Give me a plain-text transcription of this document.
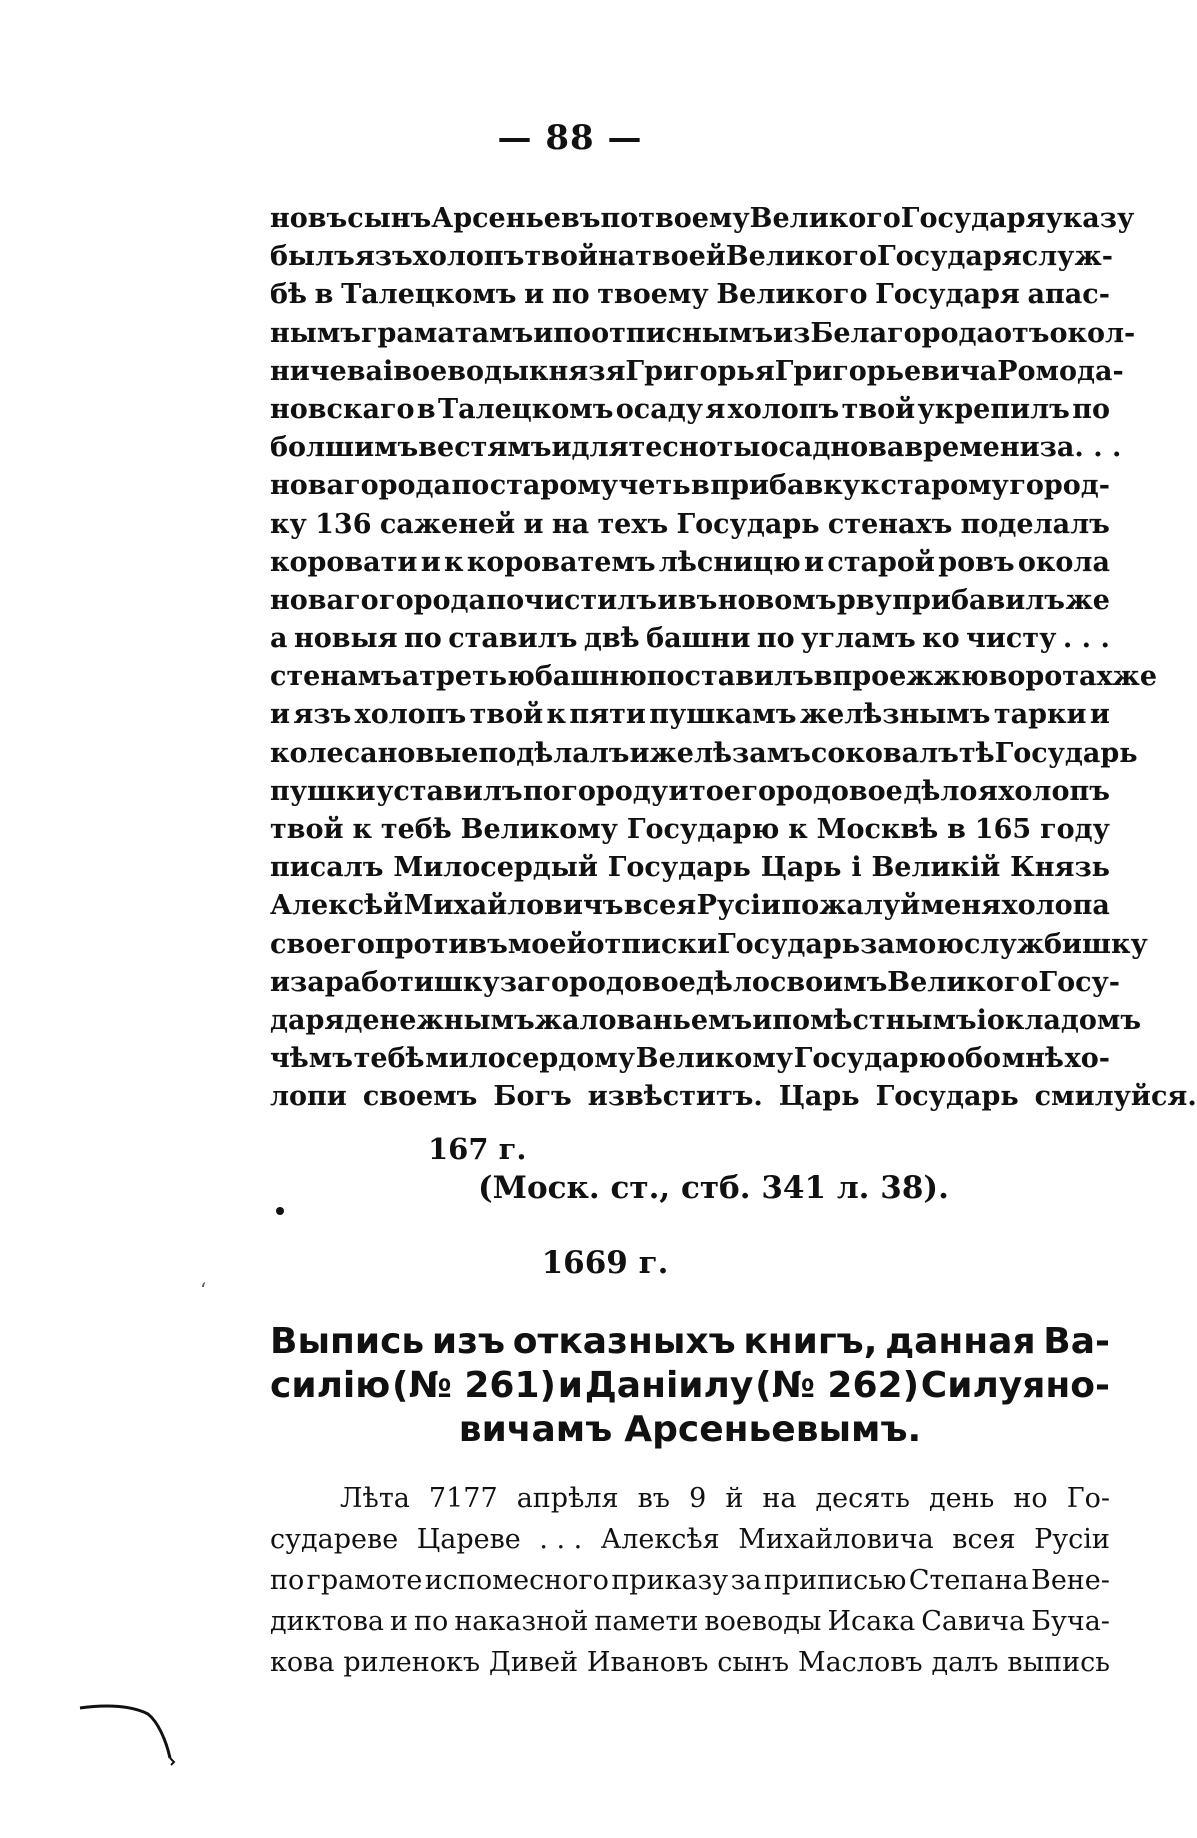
— 88 —
новъ сынъ Арсеньевъ по твоему Великого Государя указу
былъ язъ холопъ твой на твоей Великого Государя служ-
бѣ в Талецкомъ и по твоему Великого Государя апас-
нымъ граматамъ и по отписнымъ из Белагорода отъ окол-
ничева і воеводы князя Григорья Григорьевича Ромода-
новскаго в Талецкомъ осаду я холопъ твой укрепилъ по
болшимъ вестямъ и для тесноты осаднова времени за . . .
новагорода по старому четь в прибавку к старому город-
ку 136 саженей и на техъ Государь стенахъ поделалъ
коровати и к короватемъ лѣсницю и старой ровъ окола
новаго города почистилъ и въ новомъ рву прибавилъ же
а новыя по ставилъ двѣ башни по угламъ ко чисту . . .
стенамъ а третью башню поставилъ в проежжю воротахже
и язъ холопъ твой к пяти пушкамъ желѣзнымъ тарки и
колеса новые подѣлалъ и желѣзамъ соковалъ тѣ Государь
пушки уставилъ по городу и тое городовое дѣло я холопъ
твой к тебѣ Великому Государю к Москвѣ в 165 году
писалъ Милосердый Государь Царь і Великій Князь
Алексѣй Михайловичъ всея Русіи пожалуй меня холопа
своего противъ моей отписки Государь за мою службишку
и за работишку за городовое дѣло своимъ Великого Госу-
даря денежнымъ жалованьемъ и помѣстнымъ і окладомъ
чѣмъ тебѣ милосердому Великому Государю обо мнѣ хо-
лопи своемъ Богъ извѣститъ. Царь Государь смилуйся.
167 г.
(Моск. ст., стб. 341 л. 38).
ʻ
1669 г.
Выпись изъ отказныхъ книгъ, данная Ва-
силію (№ 261) и Даніилу (№ 262) Силуяно-
вичамъ Арсеньевымъ.
Лѣта 7177 апрѣля въ 9 й на десять день но Го-
судареве Цареве . . . Алексѣя Михайловича всея Русіи
по грамоте испомесного приказу за приписью Степана Вене-
диктова и по наказной памети воеводы Исака Савича Буча-
кова риленокъ Дивей Ивановъ сынъ Масловъ далъ выпись
